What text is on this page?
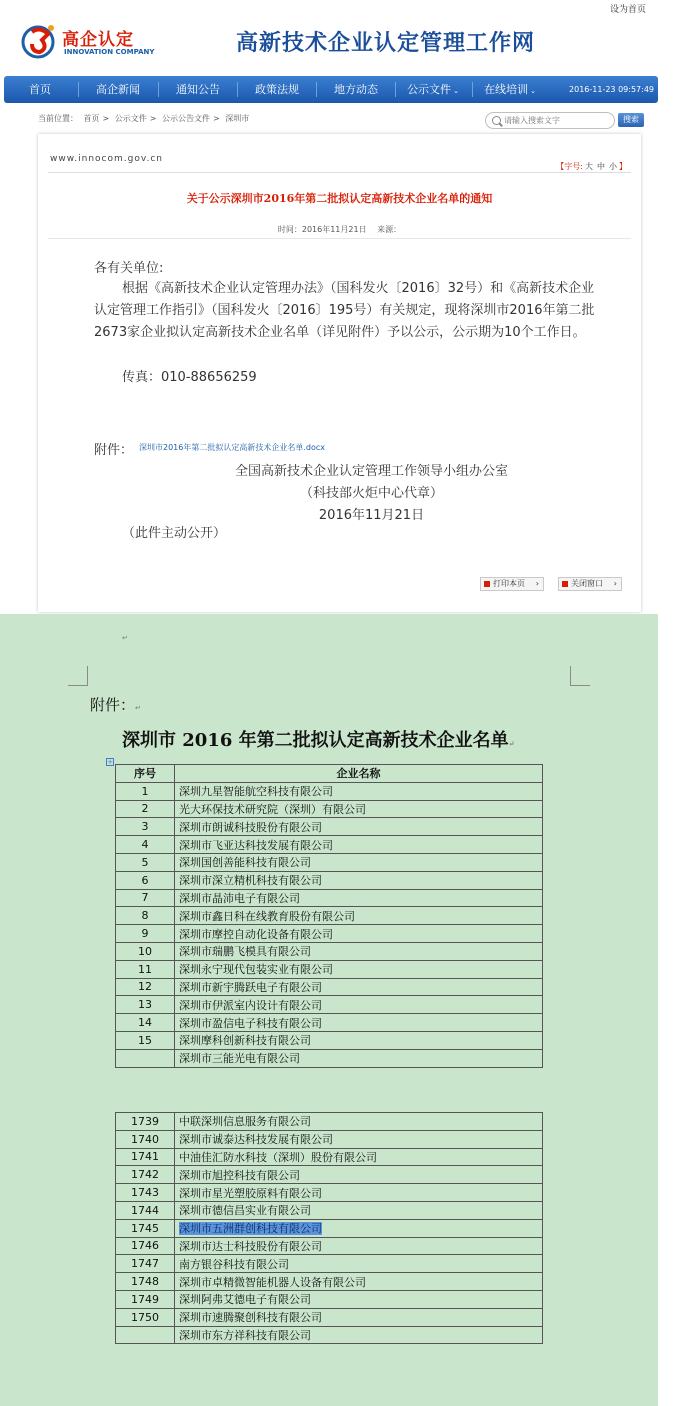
设为首页
高企认定
INNOVATION COMPANY	高新技术企业认定管理工作网
首页	高企新闻	通知公告	政策法规	地方动态	公示文件 ⌄	在线培训 ⌄	2016-11-23 09:57:49
当前位置： 首页 > 公示文件 > 公示公告文件 > 深圳市
请输入搜索文字	搜索
www.innocom.gov.cn
【字号: 大 中 小 】
关于公示深圳市2016年第二批拟认定高新技术企业名单的通知
时间：2016年11月21日 来源：
各有关单位:

根据《高新技术企业认定管理办法》（国科发火〔2016〕32号）和《高新技术企业认定管理工作指引》（国科发火〔2016〕195号）有关规定，现将深圳市2016年第二批2673家企业拟认定高新技术企业名单（详见附件）予以公示，公示期为10个工作日。

传真：010-88656259
附件： 深圳市2016年第二批拟认定高新技术企业名单.docx
全国高新技术企业认定管理工作领导小组办公室
（科技部火炬中心代章）
2016年11月21日
（此件主动公开）
打印本页 ›	关闭窗口 ›
↵
附件：↵
深圳市 2016 年第二批拟认定高新技术企业名单↵
+
序号	企业名称
1	深圳九星智能航空科技有限公司
2	光大环保技术研究院（深圳）有限公司
3	深圳市朗诚科技股份有限公司
4	深圳市飞亚达科技发展有限公司
5	深圳国创善能科技有限公司
6	深圳市深立精机科技有限公司
7	深圳市晶沛电子有限公司
8	深圳市鑫日科在线教育股份有限公司
9	深圳市摩控自动化设备有限公司
10	深圳市瑞鹏飞模具有限公司
11	深圳永宁现代包装实业有限公司
12	深圳市新宇腾跃电子有限公司
13	深圳市伊派室内设计有限公司
14	深圳市盈信电子科技有限公司
15	深圳摩科创新科技有限公司
	深圳市三能光电有限公司
1739	中联深圳信息服务有限公司
1740	深圳市诚泰达科技发展有限公司
1741	中油佳汇防水科技（深圳）股份有限公司
1742	深圳市旭控科技有限公司
1743	深圳市星光塑胶原料有限公司
1744	深圳市德信昌实业有限公司
1745	深圳市五洲群创科技有限公司
1746	深圳市达士科技股份有限公司
1747	南方银谷科技有限公司
1748	深圳市卓精微智能机器人设备有限公司
1749	深圳阿弗艾德电子有限公司
1750	深圳市速腾聚创科技有限公司
	深圳市东方祥科技有限公司
